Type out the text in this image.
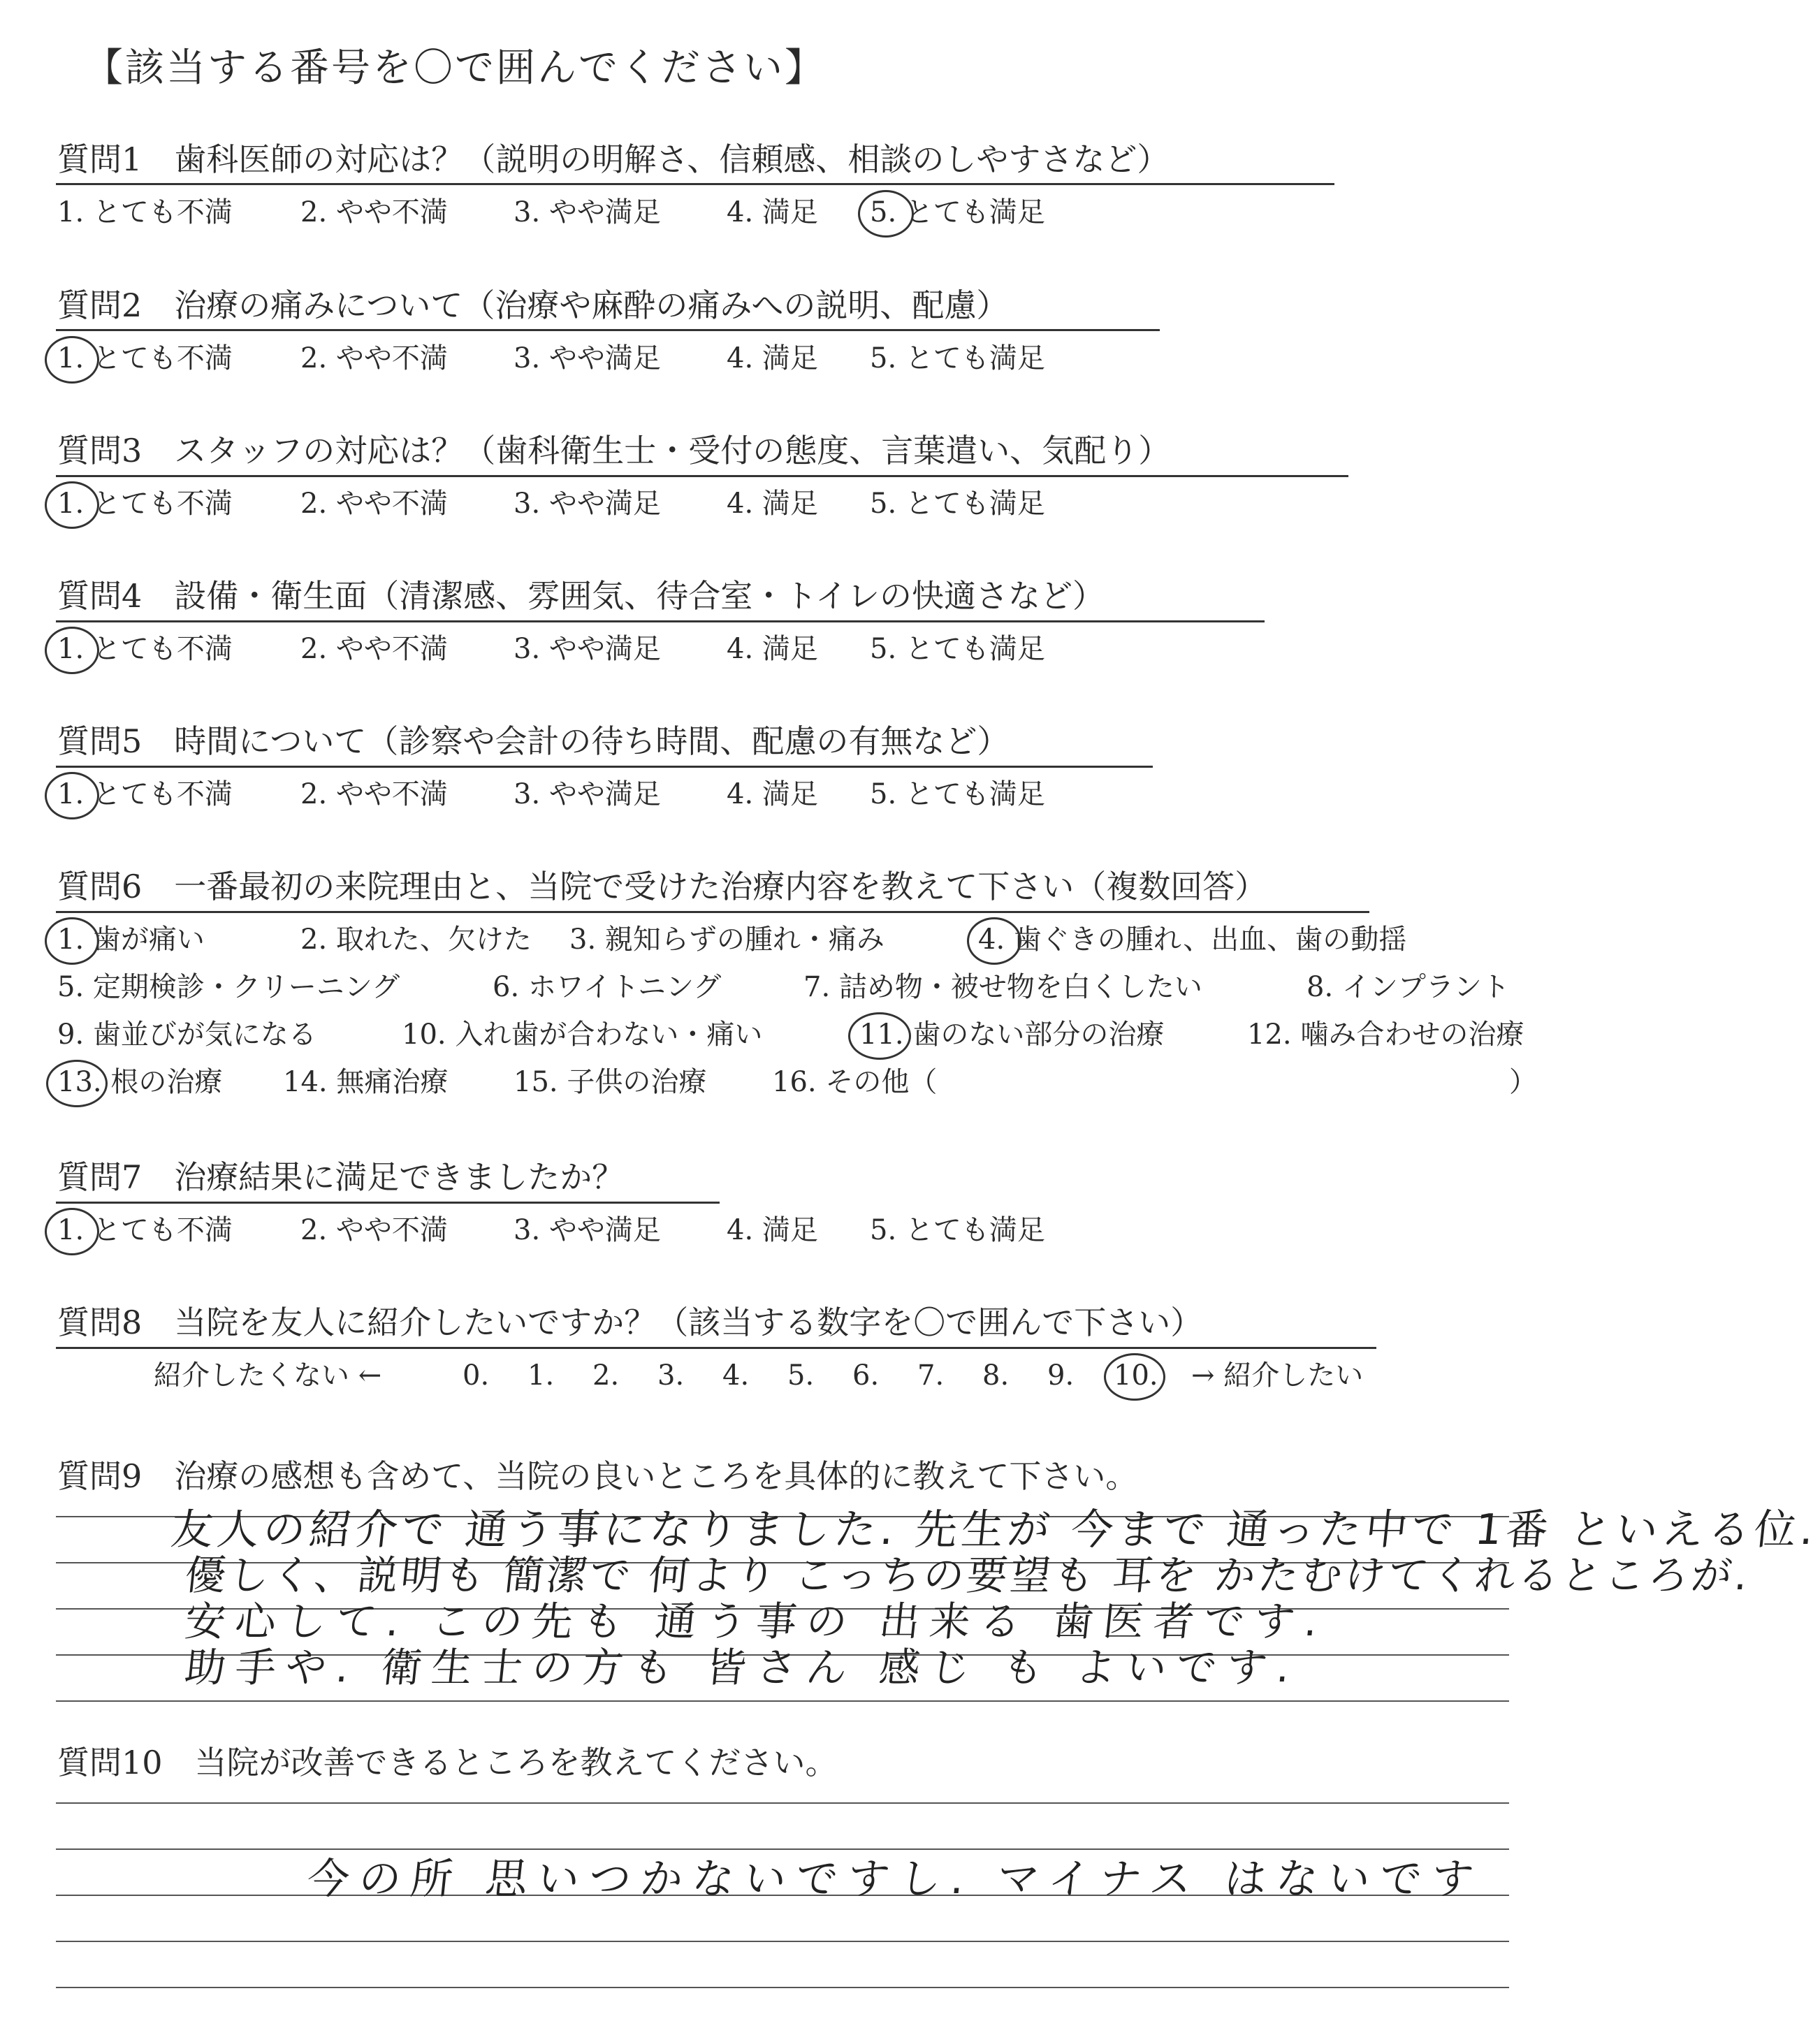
【該当する番号を〇で囲んでください】
質問1　歯科医師の対応は？（説明の明解さ、信頼感、相談のしやすさなど）
1. とても不満 2. やや不満 3. やや満足 4. 満足 5. とても満足
質問2　治療の痛みについて（治療や麻酔の痛みへの説明、配慮）
1. とても不満 2. やや不満 3. やや満足 4. 満足 5. とても満足
質問3　スタッフの対応は？（歯科衛生士・受付の態度、言葉遣い、気配り）
1. とても不満 2. やや不満 3. やや満足 4. 満足 5. とても満足
質問4　設備・衛生面（清潔感、雰囲気、待合室・トイレの快適さなど）
1. とても不満 2. やや不満 3. やや満足 4. 満足 5. とても満足
質問5　時間について（診察や会計の待ち時間、配慮の有無など）
1. とても不満 2. やや不満 3. やや満足 4. 満足 5. とても満足
質問6　一番最初の来院理由と、当院で受けた治療内容を教えて下さい（複数回答）
1. 歯が痛い	2. 取れた、欠けた 3. 親知らずの腫れ・痛み	4. 歯ぐきの腫れ、出血、歯の動揺
5. 定期検診・クリーニング	6. ホワイトニング	7. 詰め物・被せ物を白くしたい	8. インプラント
9. 歯並びが気になる	10. 入れ歯が合わない・痛い	11. 歯のない部分の治療	12. 噛み合わせの治療
13. 根の治療 14. 無痛治療 15. 子供の治療 16. その他（	）
質問7　治療結果に満足できましたか？
1. とても不満 2. やや不満 3. やや満足 4. 満足 5. とても満足
質問8　当院を友人に紹介したいですか？（該当する数字を〇で囲んで下さい）
紹介したくない ←	0. 1. 2. 3. 4. 5. 6. 7. 8. 9. 10. → 紹介したい
質問9　治療の感想も含めて、当院の良いところを具体的に教えて下さい。
友人の紹介で 通う事になりました. 先生が 今まで 通った中で 1番 といえる位.
優しく、説明も 簡潔で 何より こっちの要望も 耳を かたむけてくれるところが.
安心して. この先も 通う事の 出来る 歯医者です.
助手や. 衛生士の方も 皆さん 感じ も よいです.
質問10　当院が改善できるところを教えてください。
今の所 思いつかないですし. マイナス はないです
